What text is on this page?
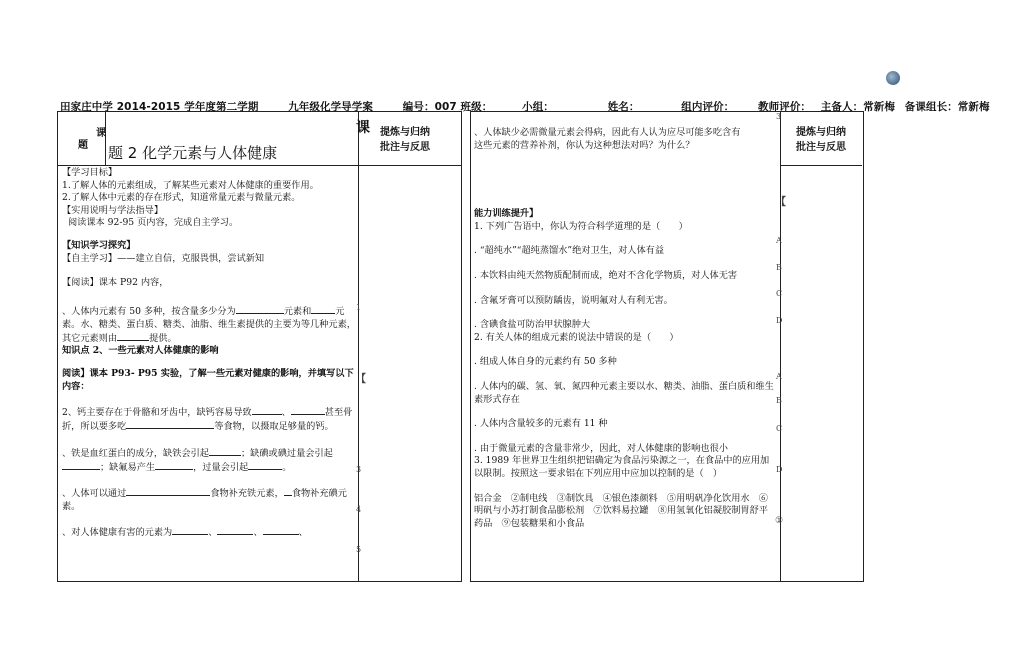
田家庄中学 2014-2015 学年度第二学期	九年级化学导学案	编号：007 班级：	小组：	姓名：	组内评价： 教师评价： 主备人：常新梅 备课组长：常新梅
课
题 题 2 化学元素与人体健康
课 提炼与归纳
批注与反思
【学习目标】
1.了解人体的元素组成，了解某些元素对人体健康的重要作用。
2.了解人体中元素的存在形式，知道常量元素与微量元素。
【实用说明与学法指导】
阅读课本 92-95 页内容，完成自主学习。
【知识学习探究】
【自主学习】——建立自信，克服畏惧，尝试新知
【阅读】课本 P92 内容，
、人体内元素有 50 多种，按含量多少分为	元素和	元素。水、糖类、蛋白质、糖类、油脂、维生素提供的主要为等几种元素，其它元素则由	提供。
知识点 2、一些元素对人体健康的影响
阅读】课本 P93- P95 实验，了解一些元素对健康的影响，并填写以下内容：
2、钙主要存在于骨骼和牙齿中，缺钙容易导致	、	甚至骨折，所以要多吃	等食物，以摄取足够量的钙。
、铁是血红蛋白的成分，缺铁会引起	；缺碘或碘过量会引起；缺氟易产生	，过量会引起	。
、人体可以通过	食物补充铁元素， 食物补充碘元素。
、对人体健康有害的元素为	、	、	、
1
【
3
4
5
提炼与归纳
批注与反思
、人体缺少必需微量元素会得病，因此有人认为应尽可能多吃含有
这些元素的营养补剂，你认为这种想法对吗？为什么？
能力训练提升】
1. 下列广告语中，你认为符合科学道理的是（　　）
. “超纯水”“超纯蒸馏水”绝对卫生，对人体有益
. 本饮料由纯天然物质配制而成，绝对不含化学物质，对人体无害
. 含氟牙膏可以预防龋齿，说明氟对人有利无害。
. 含碘食盐可防治甲状腺肿大
2. 有关人体的组成元素的说法中错误的是（　　）
. 组成人体自身的元素约有 50 多种
. 人体内的碳、氢、氧、氮四种元素主要以水、糖类、油脂、蛋白质和维生素形式存在
. 人体内含量较多的元素有 11 种
. 由于微量元素的含量非常少，因此，对人体健康的影响也很小
3. 1989 年世界卫生组织把铝确定为食品污染源之一，在食品中的应用加以限制。按照这一要求铝在下列应用中应加以控制的是（　）
铝合金　②制电线　③制饮具　④银色漆颜料　⑤用明矾净化饮用水　⑥明矾与小苏打制食品膨松剂　⑦饮料易拉罐　⑧用氢氧化铝凝胶制胃舒平药品　⑨包装糖果和小食品
3
【
A
B
C
D
A
B
C
D
①
